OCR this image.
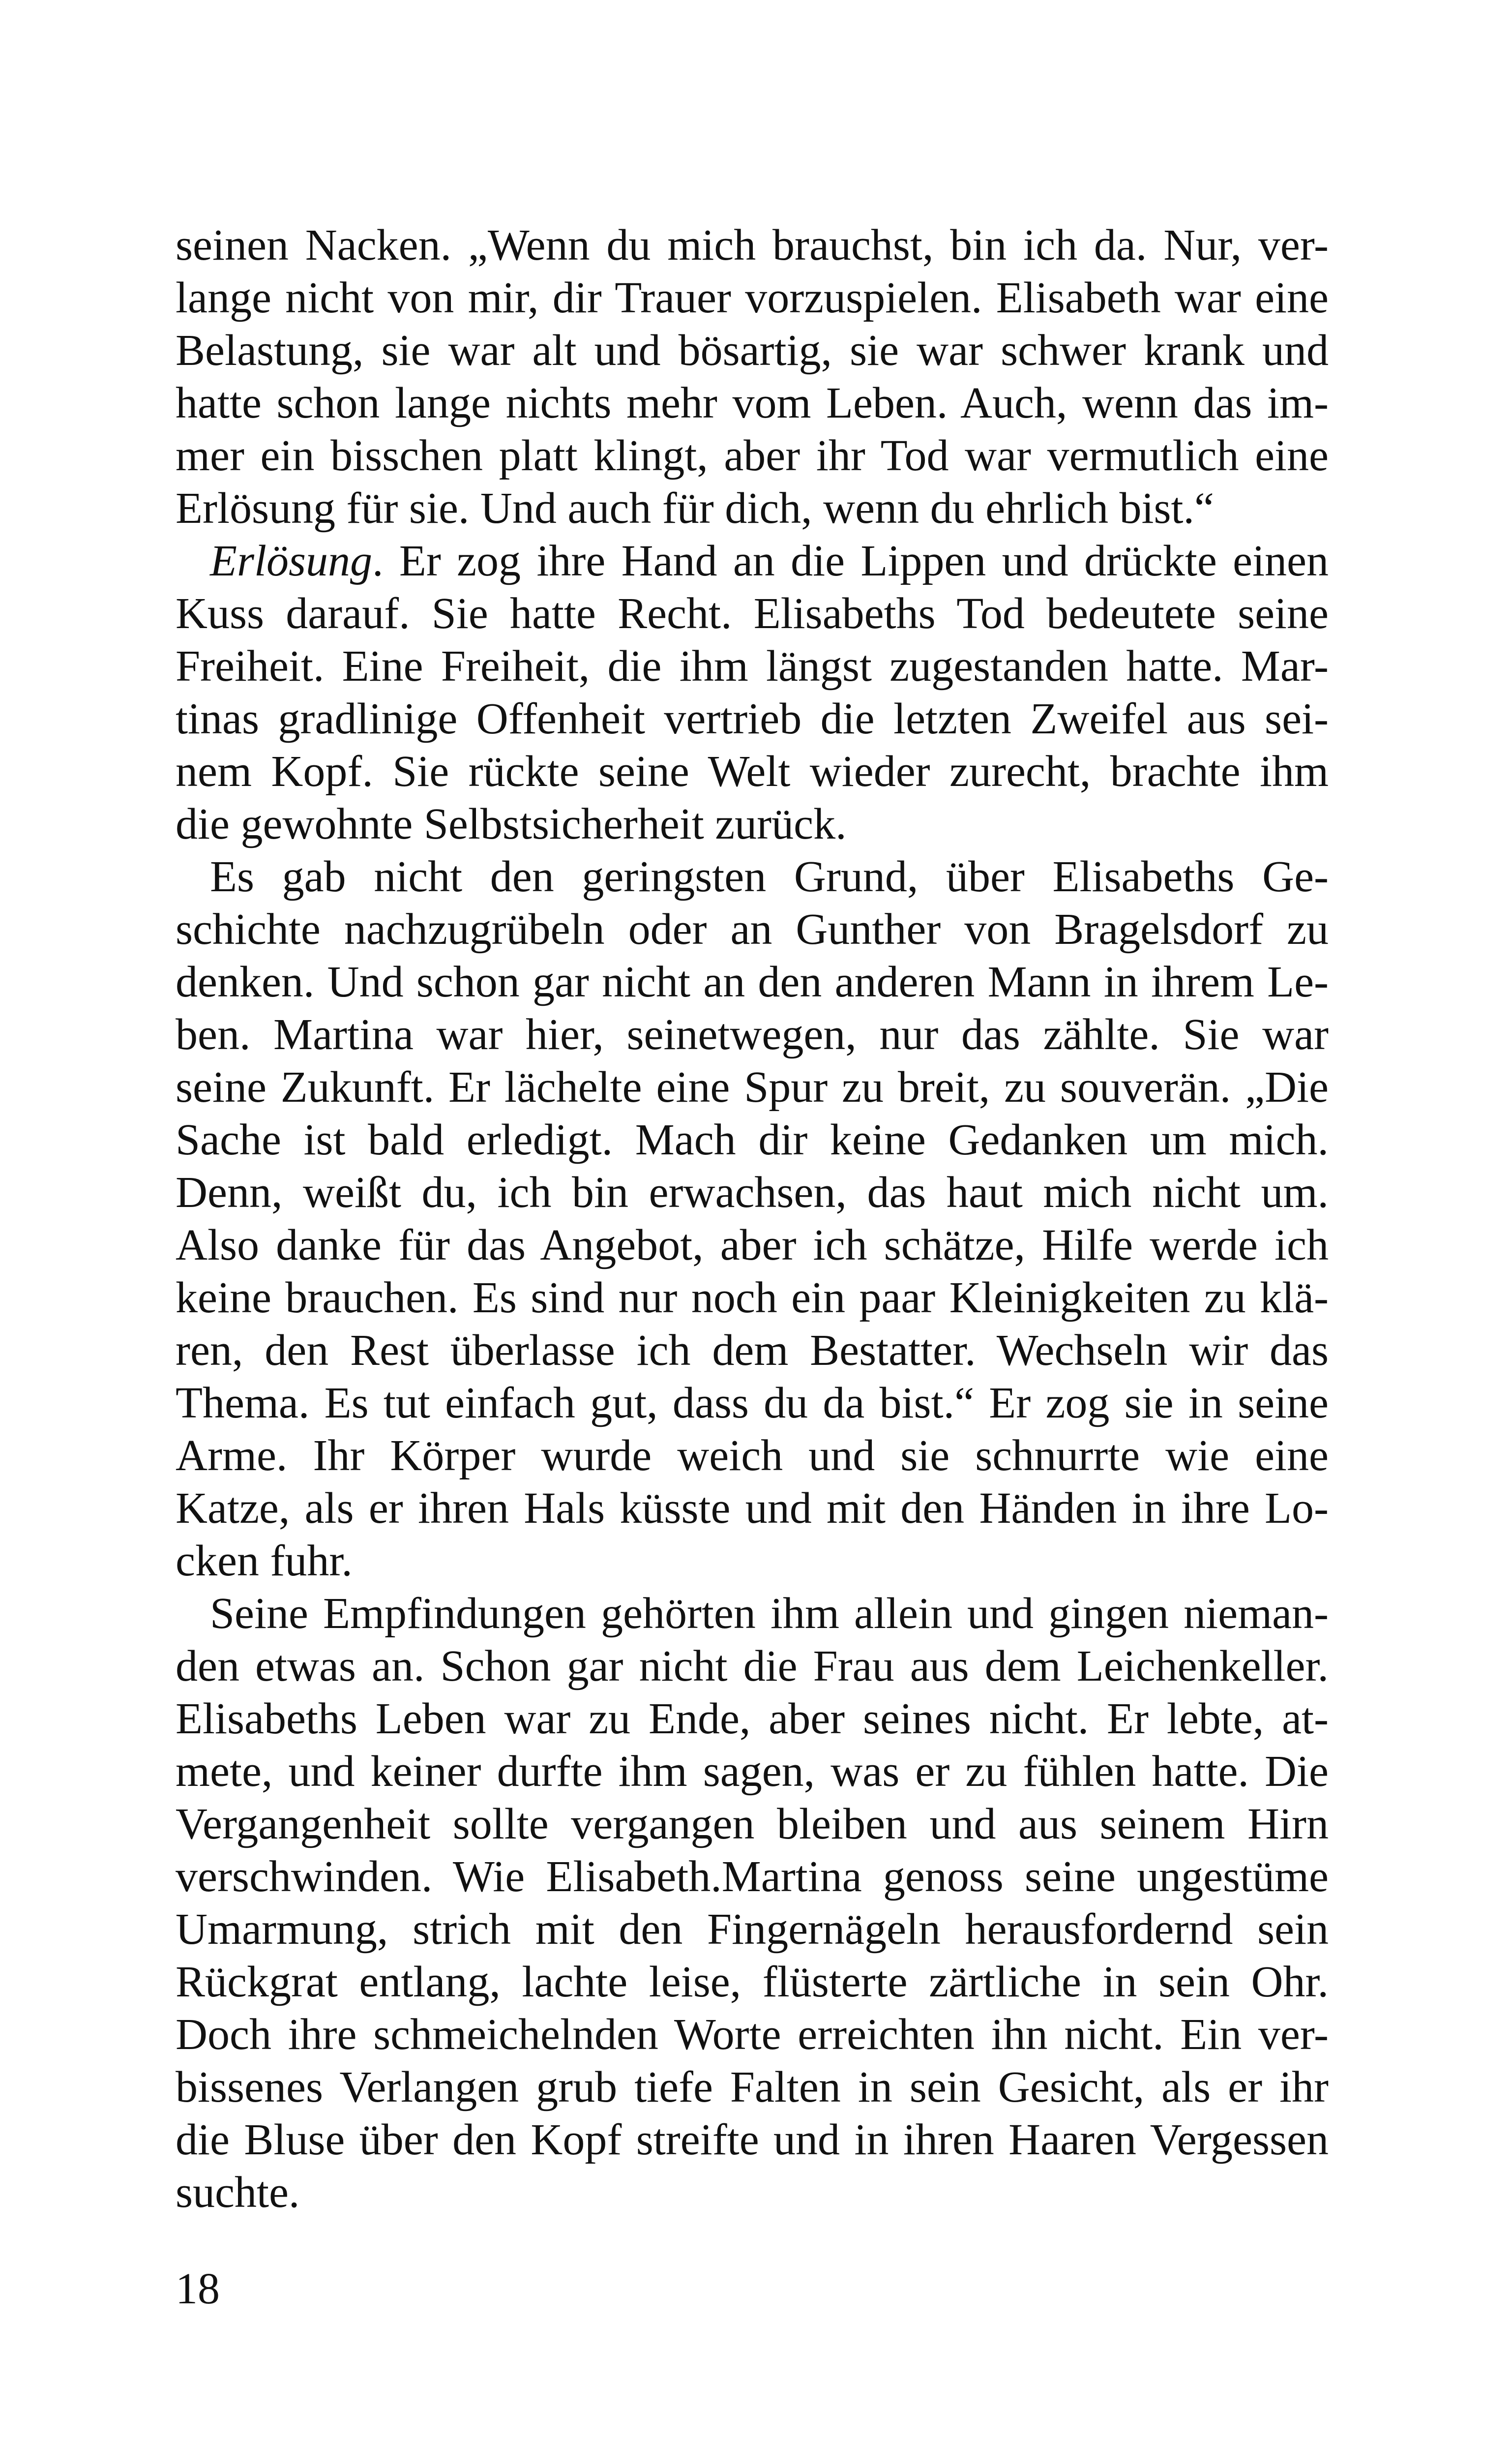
seinen Nacken. „Wenn du mich brauchst, bin ich da. Nur, ver-
lange nicht von mir, dir Trauer vorzuspielen. Elisabeth war eine
Belastung, sie war alt und bösartig, sie war schwer krank und
hatte schon lange nichts mehr vom Leben. Auch, wenn das im-
mer ein bisschen platt klingt, aber ihr Tod war vermutlich eine
Erlösung für sie. Und auch für dich, wenn du ehrlich bist.“
Erlösung. Er zog ihre Hand an die Lippen und drückte einen
Kuss darauf. Sie hatte Recht. Elisabeths Tod bedeutete seine
Freiheit. Eine Freiheit, die ihm längst zugestanden hatte. Mar-
tinas gradlinige Offenheit vertrieb die letzten Zweifel aus sei-
nem Kopf. Sie rückte seine Welt wieder zurecht, brachte ihm
die gewohnte Selbstsicherheit zurück.
Es gab nicht den geringsten Grund, über Elisabeths Ge-
schichte nachzugrübeln oder an Gunther von Bragelsdorf zu
denken. Und schon gar nicht an den anderen Mann in ihrem Le-
ben. Martina war hier, seinetwegen, nur das zählte. Sie war
seine Zukunft. Er lächelte eine Spur zu breit, zu souverän. „Die
Sache ist bald erledigt. Mach dir keine Gedanken um mich.
Denn, weißt du, ich bin erwachsen, das haut mich nicht um.
Also danke für das Angebot, aber ich schätze, Hilfe werde ich
keine brauchen. Es sind nur noch ein paar Kleinigkeiten zu klä-
ren, den Rest überlasse ich dem Bestatter. Wechseln wir das
Thema. Es tut einfach gut, dass du da bist.“ Er zog sie in seine
Arme. Ihr Körper wurde weich und sie schnurrte wie eine
Katze, als er ihren Hals küsste und mit den Händen in ihre Lo-
cken fuhr.
Seine Empfindungen gehörten ihm allein und gingen nieman-
den etwas an. Schon gar nicht die Frau aus dem Leichenkeller.
Elisabeths Leben war zu Ende, aber seines nicht. Er lebte, at-
mete, und keiner durfte ihm sagen, was er zu fühlen hatte. Die
Vergangenheit sollte vergangen bleiben und aus seinem Hirn
verschwinden. Wie Elisabeth.Martina genoss seine ungestüme
Umarmung, strich mit den Fingernägeln herausfordernd sein
Rückgrat entlang, lachte leise, flüsterte zärtliche in sein Ohr.
Doch ihre schmeichelnden Worte erreichten ihn nicht. Ein ver-
bissenes Verlangen grub tiefe Falten in sein Gesicht, als er ihr
die Bluse über den Kopf streifte und in ihren Haaren Vergessen
suchte.
18
